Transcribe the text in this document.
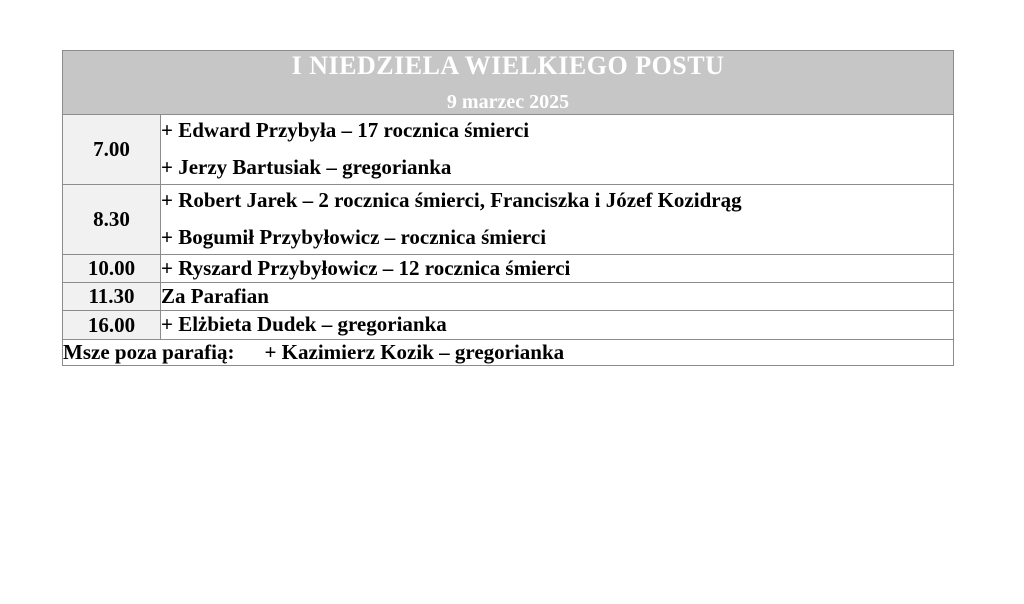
I NIEDZIELA WIELKIEGO POSTU
9 marzec 2025	

7.00	+ Edward Przybyła – 17 rocznica śmierci
+ Jerzy Bartusiak – gregorianka

8.30	+ Robert Jarek – 2 rocznica śmierci, Franciszka i Józef Kozidrąg
+ Bogumił Przybyłowicz – rocznica śmierci

10.00	+ Ryszard Przybyłowicz – 12 rocznica śmierci

11.30	Za Parafian

16.00	+ Elżbieta Dudek – gregorianka

Msze poza parafią: + Kazimierz Kozik – gregorianka	
